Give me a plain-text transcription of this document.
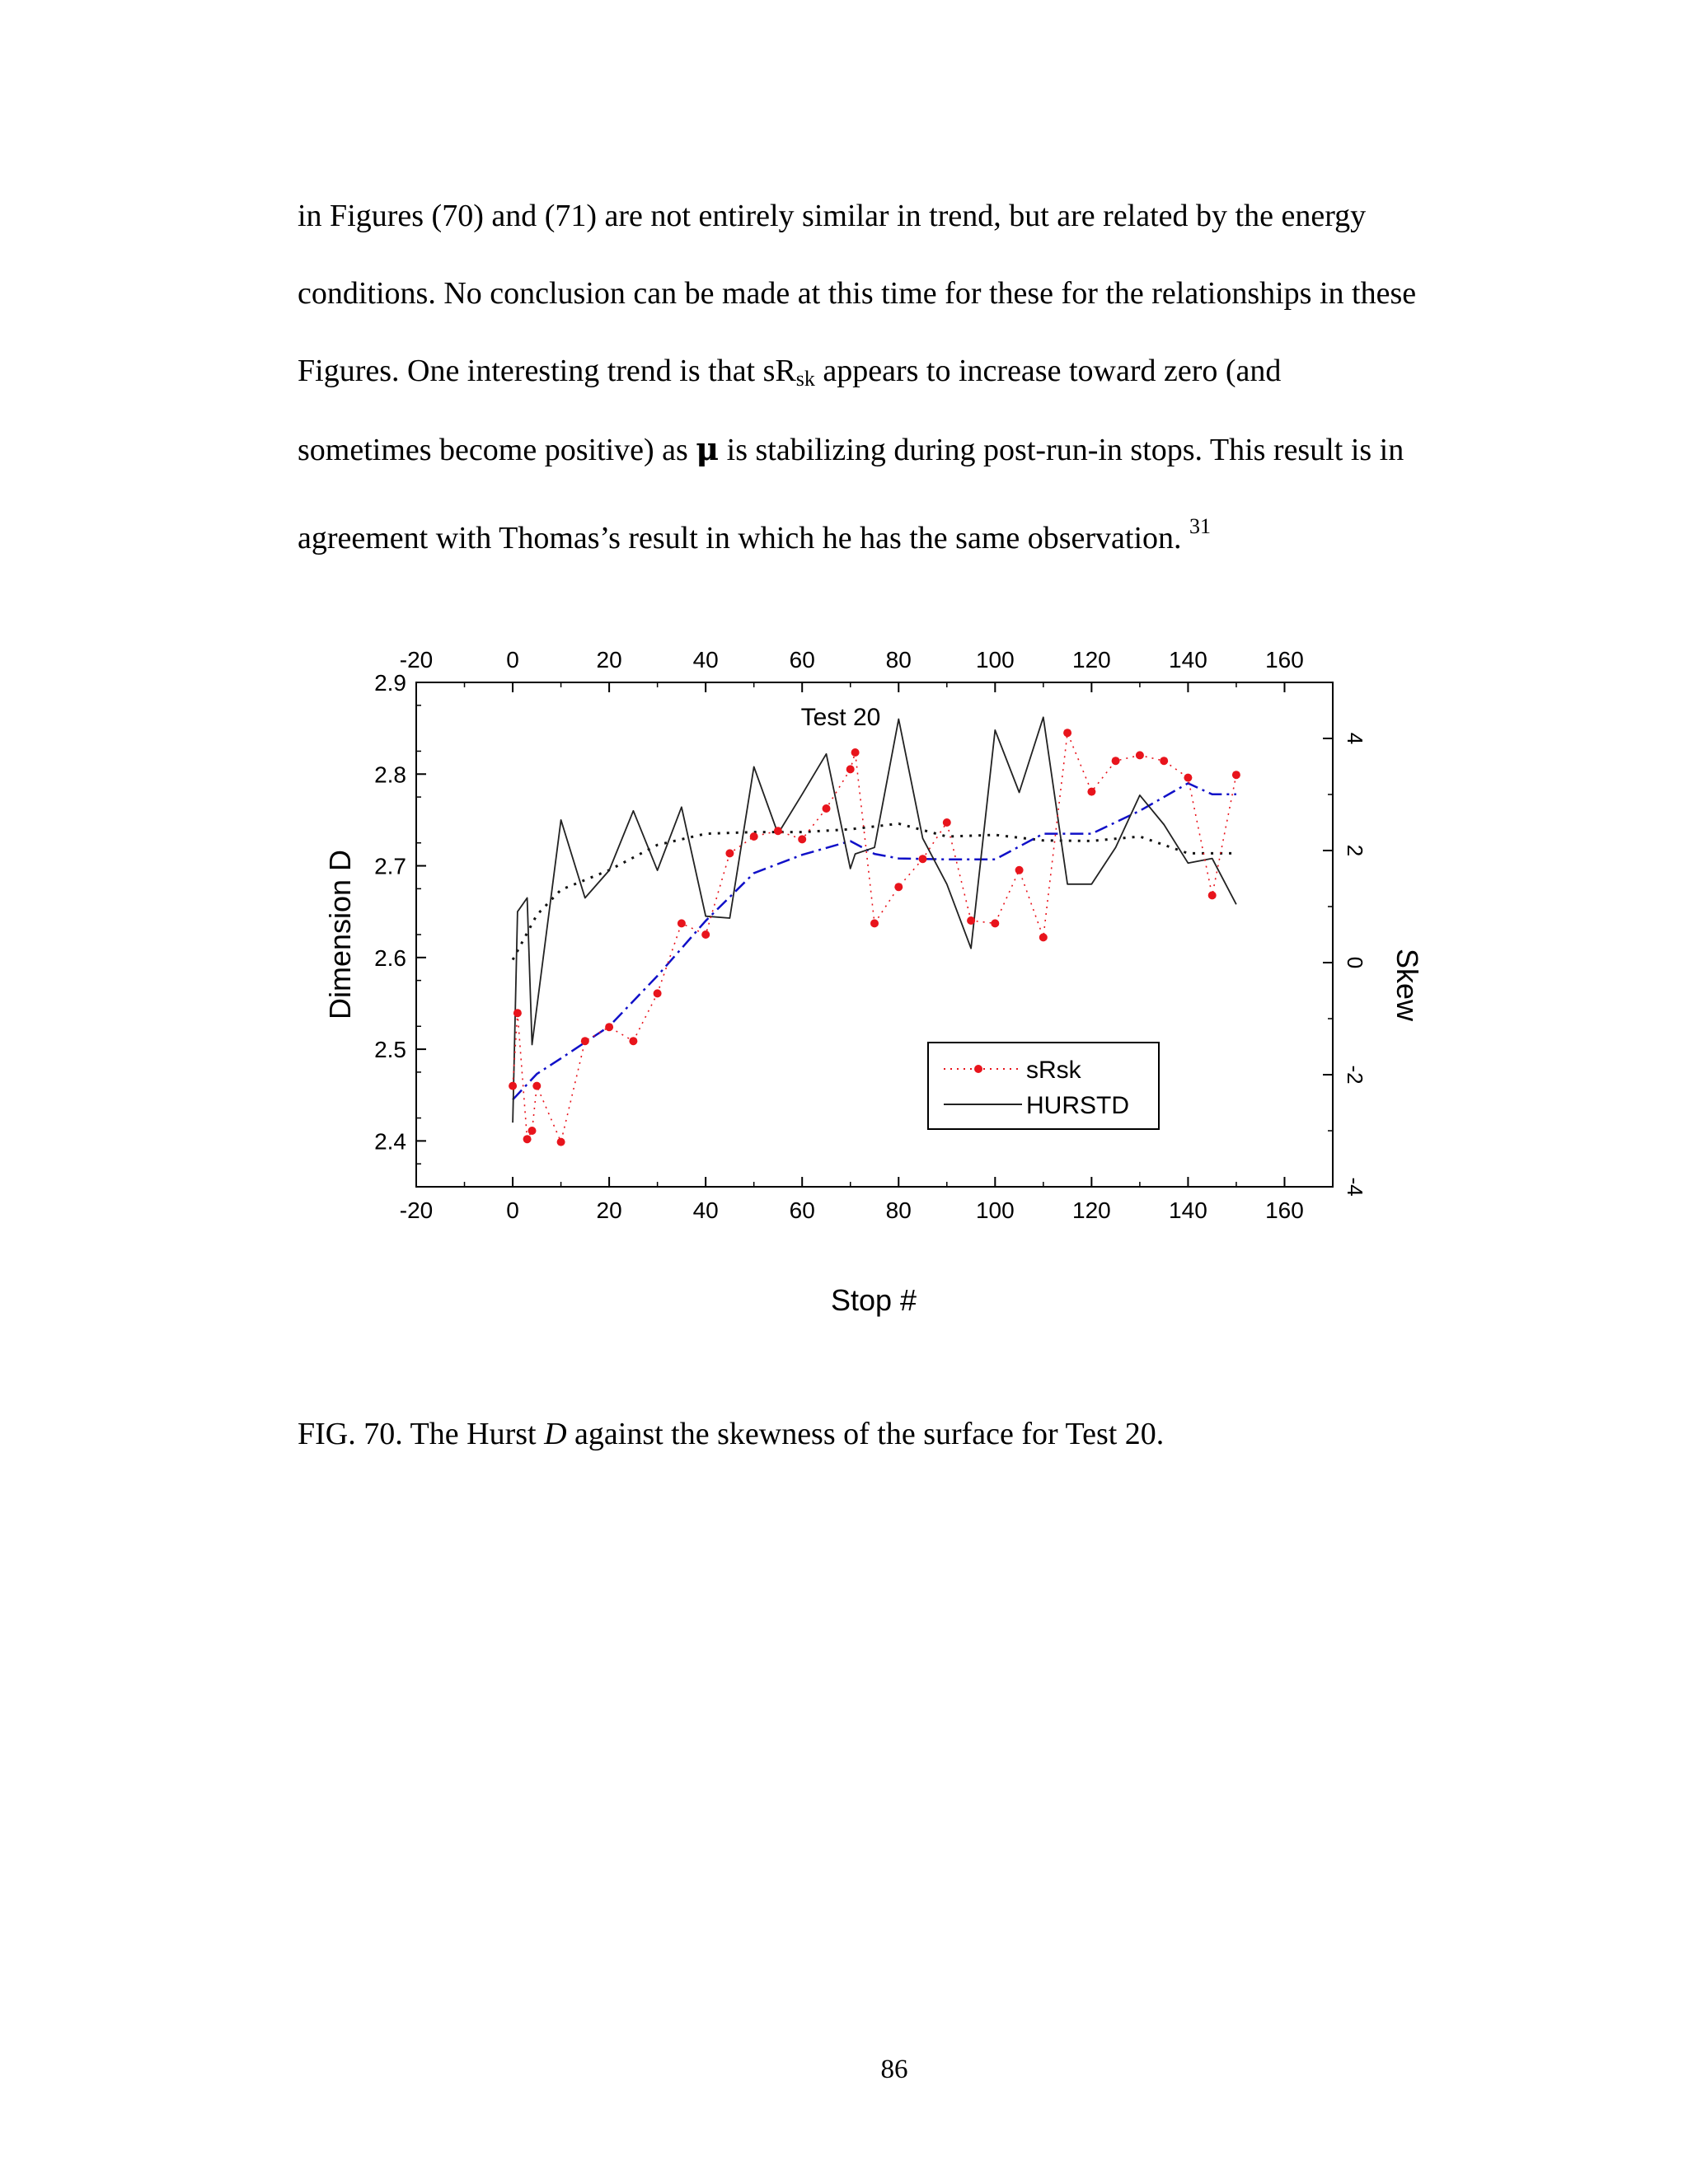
in Figures (70) and (71) are not entirely similar in trend, but are related by the energy

conditions. No conclusion can be made at this time for these for the relationships in these

Figures. One interesting trend is that $sR_{sk}$ appears to increase toward zero (and

sometimes become positive) as μ is stabilizing during post-run-in stops. This result is in

agreement with Thomas’s result in which he has the same observation. $^{31}$

-20
-20
0
0
20
20
40
40
60
60
80
80
100
100
120
120
140
140
160
160
2.4
2.5
2.6
2.7
2.8
2.9
-4
-2
0
2
4
Test 20
Stop #
Dimension D	Skew
sRsk
HURSTD

FIG. 70. The Hurst D against the skewness of the surface for Test 20.

86
